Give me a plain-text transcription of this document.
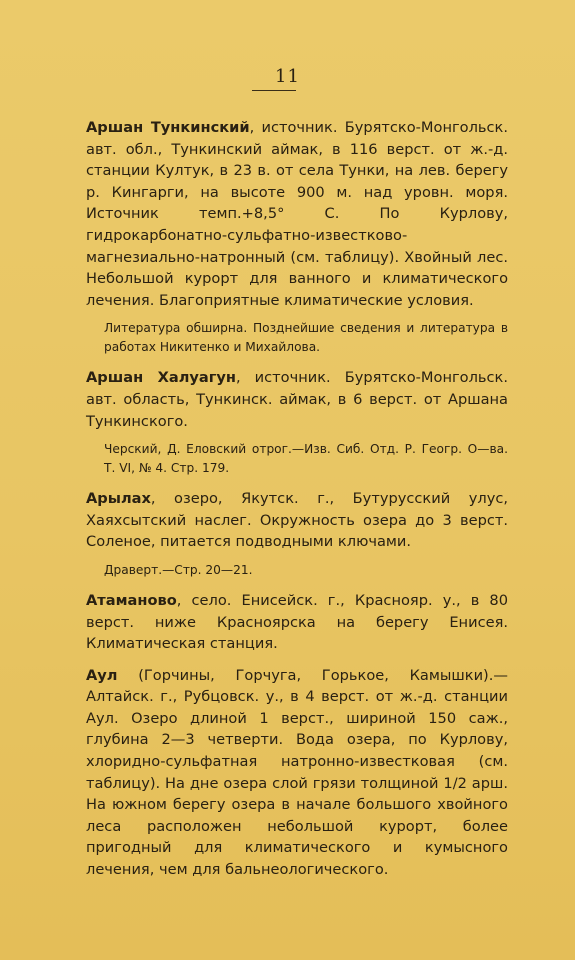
11

Аршан Тункинский, источник. Бурятско-Монгольск. авт. обл., Тункинский аймак, в 116 верст. от ж.-д. станции Култук, в 23 в. от села Тунки, на лев. берегу р. Кингарги, на высоте 900 м. над уровн. моря. Источник темп.+8,5° С. По Курлову, гидрокарбонатно-сульфатно-известково-магнезиально-натронный (см. таблицу). Хвойный лес. Небольшой курорт для ванного и климатического лечения. Благоприятные климатические условия.

Литература обширна. Позднейшие сведения и литература в работах Никитенко и Михайлова.

Аршан Халуагун, источник. Бурятско-Монгольск. авт. область, Тункинск. аймак, в 6 верст. от Аршана Тункинского.

Черский, Д. Еловский отрог.—Изв. Сиб. Отд. Р. Геогр. О—ва. Т. VI, № 4. Стр. 179.

Арылах, озеро, Якутск. г., Бутурусский улус, Хаяхсытский наслег. Окружность озера до 3 верст. Соленое, питается подводными ключами.

Драверт.—Стр. 20—21.

Атаманово, село. Енисейск. г., Краснояр. у., в 80 верст. ниже Красноярска на берегу Енисея. Климатическая станция.

Аул (Горчины, Горчуга, Горькое, Камышки).—Алтайск. г., Рубцовск. у., в 4 верст. от ж.-д. станции Аул. Озеро длиной 1 верст., шириной 150 саж., глубина 2—3 четверти. Вода озера, по Курлову, хлоридно-сульфатная натронно-известковая (см. таблицу). На дне озера слой грязи толщиной 1/2 арш. На южном берегу озера в начале большого хвойного леса расположен небольшой курорт, более пригодный для климатического и кумысного лечения, чем для бальнеологического.
